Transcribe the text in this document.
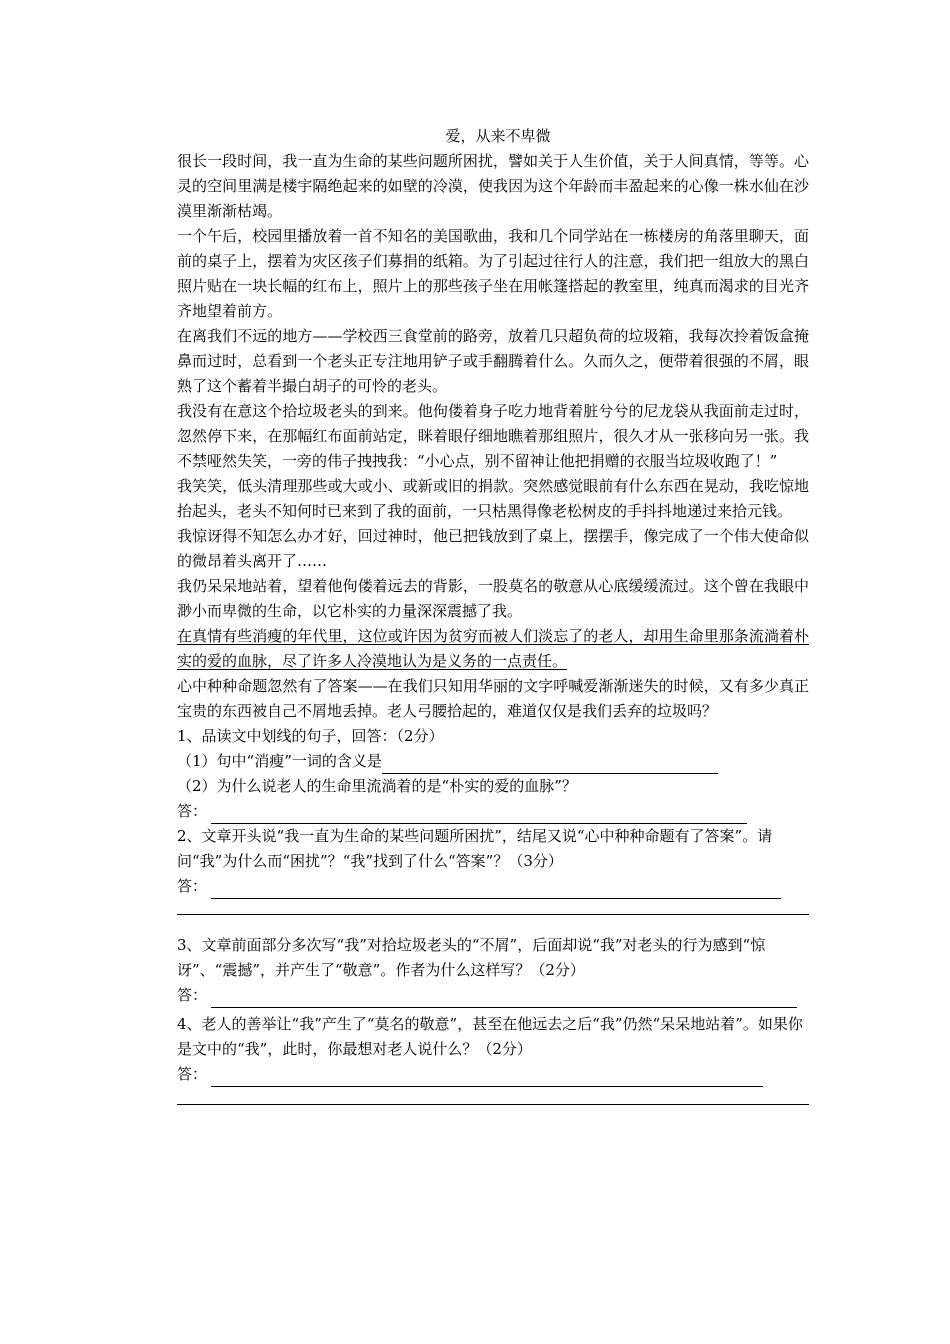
爱，从来不卑微

很长一段时间，我一直为生命的某些问题所困扰，譬如关于人生价值，关于人间真情，等等。心灵的空间里满是楼宇隔绝起来的如壁的冷漠，使我因为这个年龄而丰盈起来的心像一株水仙在沙漠里渐渐枯竭。

一个午后，校园里播放着一首不知名的美国歌曲，我和几个同学站在一栋楼房的角落里聊天，面前的桌子上，摆着为灾区孩子们募捐的纸箱。为了引起过往行人的注意，我们把一组放大的黑白照片贴在一块长幅的红布上，照片上的那些孩子坐在用帐篷搭起的教室里，纯真而渴求的目光齐齐地望着前方。

在离我们不远的地方——学校西三食堂前的路旁，放着几只超负荷的垃圾箱，我每次拎着饭盒掩鼻而过时，总看到一个老头正专注地用铲子或手翻腾着什么。久而久之，便带着很强的不屑，眼熟了这个蓄着半撮白胡子的可怜的老头。

我没有在意这个拾垃圾老头的到来。他佝偻着身子吃力地背着脏兮兮的尼龙袋从我面前走过时，忽然停下来，在那幅红布面前站定，眯着眼仔细地瞧着那组照片，很久才从一张移向另一张。我不禁哑然失笑，一旁的伟子拽拽我：“小心点，别不留神让他把捐赠的衣服当垃圾收跑了！”

我笑笑，低头清理那些或大或小、或新或旧的捐款。突然感觉眼前有什么东西在晃动，我吃惊地抬起头，老头不知何时已来到了我的面前，一只枯黑得像老松树皮的手抖抖地递过来拾元钱。

我惊讶得不知怎么办才好，回过神时，他已把钱放到了桌上，摆摆手，像完成了一个伟大使命似的微昂着头离开了……

我仍呆呆地站着，望着他佝偻着远去的背影，一股莫名的敬意从心底缓缓流过。这个曾在我眼中渺小而卑微的生命，以它朴实的力量深深震撼了我。

在真情有些消瘦的年代里，这位或许因为贫穷而被人们淡忘了的老人，却用生命里那条流淌着朴实的爱的血脉，尽了许多人冷漠地认为是义务的一点责任。

心中种种命题忽然有了答案——在我们只知用华丽的文字呼喊爱渐渐迷失的时候，又有多少真正宝贵的东西被自己不屑地丢掉。老人弓腰拾起的，难道仅仅是我们丢弃的垃圾吗？

1、品读文中划线的句子，回答：（2分）

（1）句中“消瘦”一词的含义是

（2）为什么说老人的生命里流淌着的是“朴实的爱的血脉”？

答：

2、文章开头说“我一直为生命的某些问题所困扰”，结尾又说“心中种种命题有了答案”。请问“我”为什么而“困扰”？“我”找到了什么“答案”？（3分）

答：

3、文章前面部分多次写“我”对拾垃圾老头的“不屑”，后面却说“我”对老头的行为感到“惊讶”、“震撼”，并产生了“敬意”。作者为什么这样写？（2分）

答：

4、老人的善举让“我”产生了“莫名的敬意”，甚至在他远去之后“我”仍然“呆呆地站着”。如果你是文中的“我”，此时，你最想对老人说什么？（2分）

答：
